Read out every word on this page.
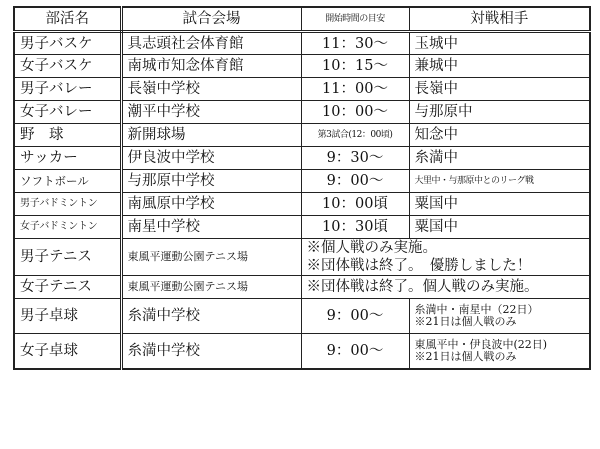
部活名	試合会場	開始時間の目安	対戦相手
男子バスケ	具志頭社会体育館	11：30～	玉城中
女子バスケ	南城市知念体育館	10：15～	兼城中
男子バレー	長嶺中学校	11：00～	長嶺中
女子バレー	潮平中学校	10：00～	与那原中
野　球	新開球場	第3試合(12：00頃)	知念中
サッカー	伊良波中学校	9：30～	糸満中
ソフトボール	与那原中学校	9：00～	大里中・与那原中とのリーグ戦
男子バドミントン	南風原中学校	10：00頃	粟国中
女子バドミントン	南星中学校	10：30頃	粟国中
男子テニス	東風平運動公園テニス場	※個人戦のみ実施。
※団体戦は終了。　優勝しました！	

女子テニス	東風平運動公園テニス場	※団体戦は終了。個人戦のみ実施。	
男子卓球	糸満中学校	9：00～	糸満中・南星中（22日）
※21日は個人戦のみ

女子卓球	糸満中学校	9：00～	東風平中・伊良波中(22日)
※21日は個人戦のみ
